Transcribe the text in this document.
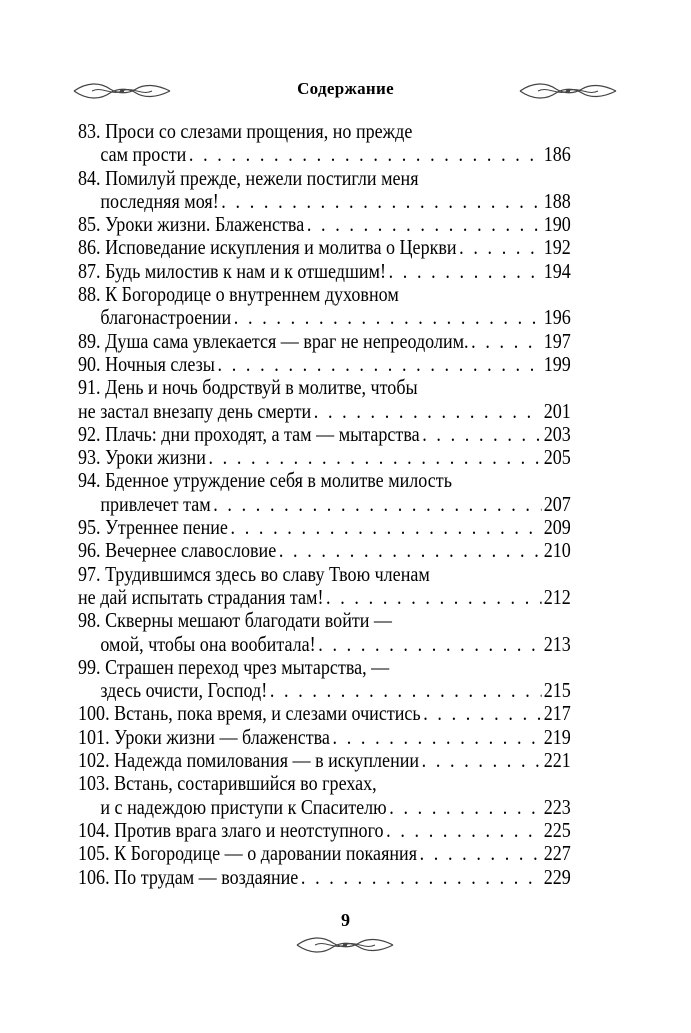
Содержание
83. Проси со слезами прощения, но прежде
сам прости . . .	186
84. Помилуй прежде, нежели постигли меня
последняя моя! . . .	188
85. Уроки жизни. Блаженства . . .	190
86. Исповедание искупления и молитва о Церкви . . .	192
87. Будь милостив к нам и к отшедшим! . . .	194
88. К Богородице о внутреннем духовном
благонастроении . . .	196
89. Душа сама увлекается — враг не непреодолим. . . .	197
90. Ночныя слезы . . .	199
91. День и ночь бодрствуй в молитве, чтобы
не застал внезапу день смерти . . .	201
92. Плачь: дни проходят, а там — мытарства . . .	203
93. Уроки жизни . . .	205
94. Бденное утруждение себя в молитве милость
привлечет там . . .	207
95. Утреннее пение . . .	209
96. Вечернее славословие . . .	210
97. Трудившимся здесь во славу Твою членам
не дай испытать страдания там! . . .	212
98. Скверны мешают благодати войти —
омой, чтобы она вообитала! . . .	213
99. Страшен переход чрез мытарства, —
здесь очисти, Господ! . . .	215
100. Встань, пока время, и слезами очистись . . .	217
101. Уроки жизни — блаженства . . .	219
102. Надежда помилования — в искуплении . . .	221
103. Встань, состарившийся во грехах,
и с надеждою приступи к Спасителю . . .	223
104. Против врага злаго и неотступного . . .	225
105. К Богородице — о даровании покаяния . . .	227
106. По трудам — воздаяние . . .	229
9
